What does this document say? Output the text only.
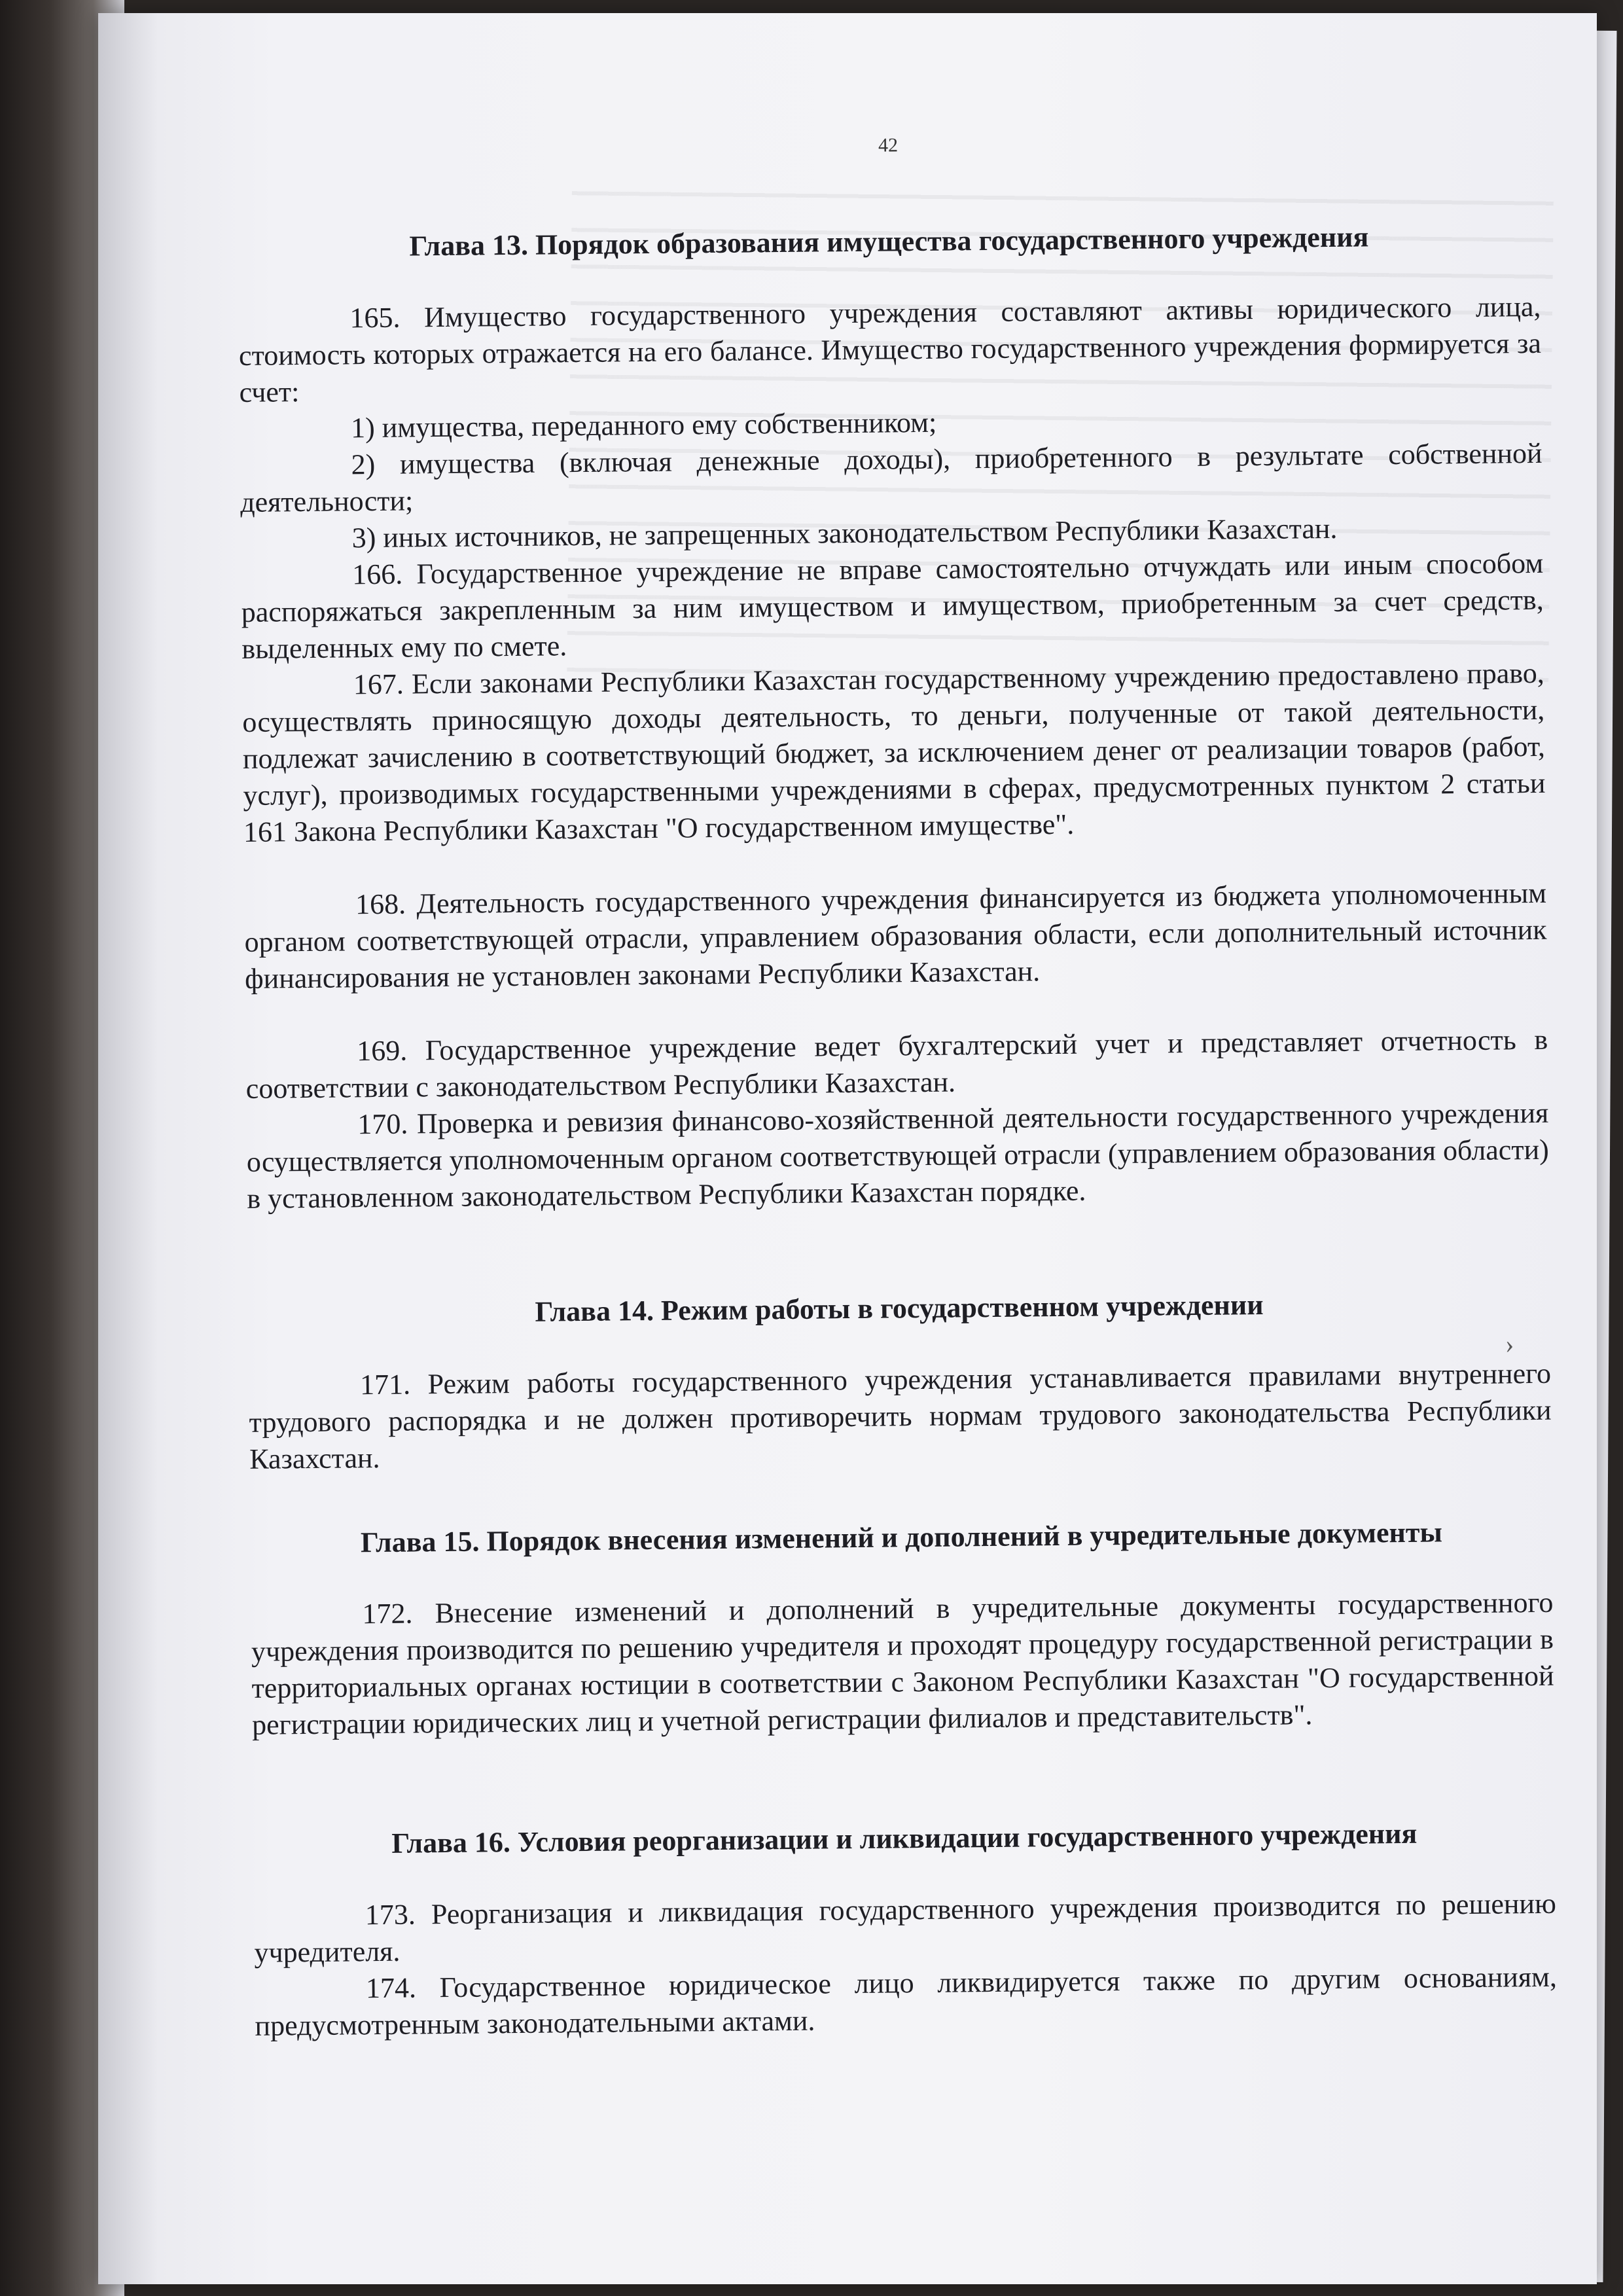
›
42
Глава 13. Порядок образования имущества государственного учреждения
165. Имущество государственного учреждения составляют активы юридического лица, стоимость которых отражается на его балансе. Имущество государственного учреждения формируется за счет:
1) имущества, переданного ему собственником;
2) имущества (включая денежные доходы), приобретенного в результате собственной деятельности;
3) иных источников, не запрещенных законодательством Республики Казахстан.
166. Государственное учреждение не вправе самостоятельно отчуждать или иным способом распоряжаться закрепленным за ним имуществом и имуществом, приобретенным за счет средств, выделенных ему по смете.
167. Если законами Республики Казахстан государственному учреждению предоставлено право, осуществлять приносящую доходы деятельность, то деньги, полученные от такой деятельности, подлежат зачислению в соответствующий бюджет, за исключением денег от реализации товаров (работ, услуг), производимых государственными учреждениями в сферах, предусмотренных пунктом 2 статьи 161 Закона Республики Казахстан "О государственном имуществе".
168. Деятельность государственного учреждения финансируется из бюджета уполномоченным органом соответствующей отрасли, управлением образования области, если дополнительный источник финансирования не установлен законами Республики Казахстан.
169. Государственное учреждение ведет бухгалтерский учет и представляет отчетность в соответствии с законодательством Республики Казахстан.
170. Проверка и ревизия финансово-хозяйственной деятельности государственного учреждения осуществляется уполномоченным органом соответствующей отрасли (управлением образования области) в установленном законодательством Республики Казахстан порядке.
Глава 14. Режим работы в государственном учреждении
171. Режим работы государственного учреждения устанавливается правилами внутреннего трудового распорядка и не должен противоречить нормам трудового законодательства Республики Казахстан.
Глава 15. Порядок внесения изменений и дополнений в учредительные документы
172. Внесение изменений и дополнений в учредительные документы государственного учреждения производится по решению учредителя и проходят процедуру государственной регистрации в территориальных органах юстиции в соответствии с Законом Республики Казахстан "О государственной регистрации юридических лиц и учетной регистрации филиалов и представительств".
Глава 16. Условия реорганизации и ликвидации государственного учреждения
173. Реорганизация и ликвидация государственного учреждения производится по решению учредителя.
174. Государственное юридическое лицо ликвидируется также по другим основаниям, предусмотренным законодательными актами.
